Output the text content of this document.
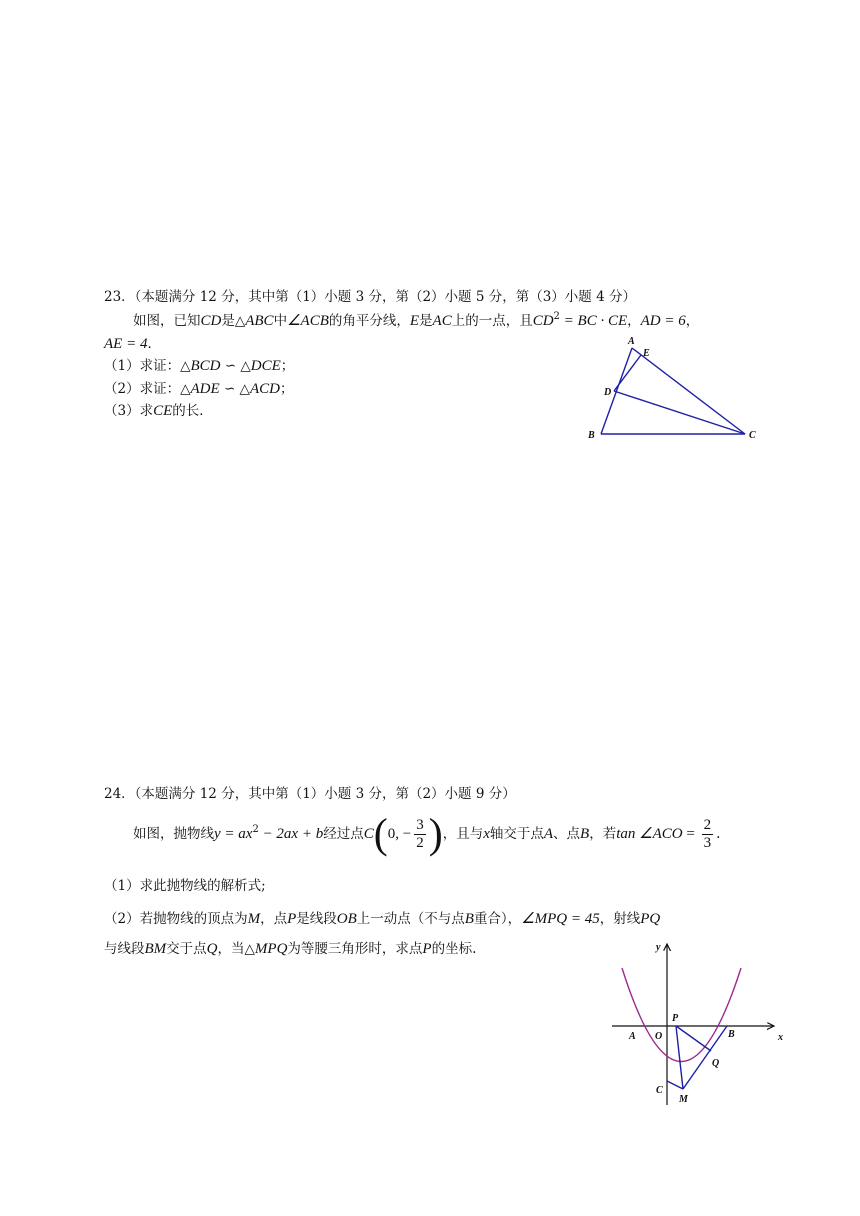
23．（本题满分 12 分，其中第（1）小题 3 分，第（2）小题 5 分，第（3）小题 4 分）
如图，已知CD是△ABC中∠ACB的角平分线，E是AC上的一点，且$CD^2$ = BC · CE，AD = 6，
AE = 4．
（1）求证：△BCD ∽ △DCE；
（2）求证：△ADE ∽ △ACD；
（3）求CE的长．
A
E
D
B	C
24．（本题满分 12 分，其中第（1）小题 3 分，第（2）小题 9 分）
如图，抛物线$y = ax^2 - 2ax + b$经过点C(0, − $\frac{3}{2}$ )，且与x轴交于点A、点B，若tan ∠ACO = $\frac{2}{3}$ .
（1）求此抛物线的解析式;
（2）若抛物线的顶点为M，点P是线段OB上一动点（不与点B重合），∠MPQ = 45，射线PQ
与线段BM交于点Q，当△MPQ为等腰三角形时，求点P的坐标.	y
x
P
O
A	B
Q
C
M
